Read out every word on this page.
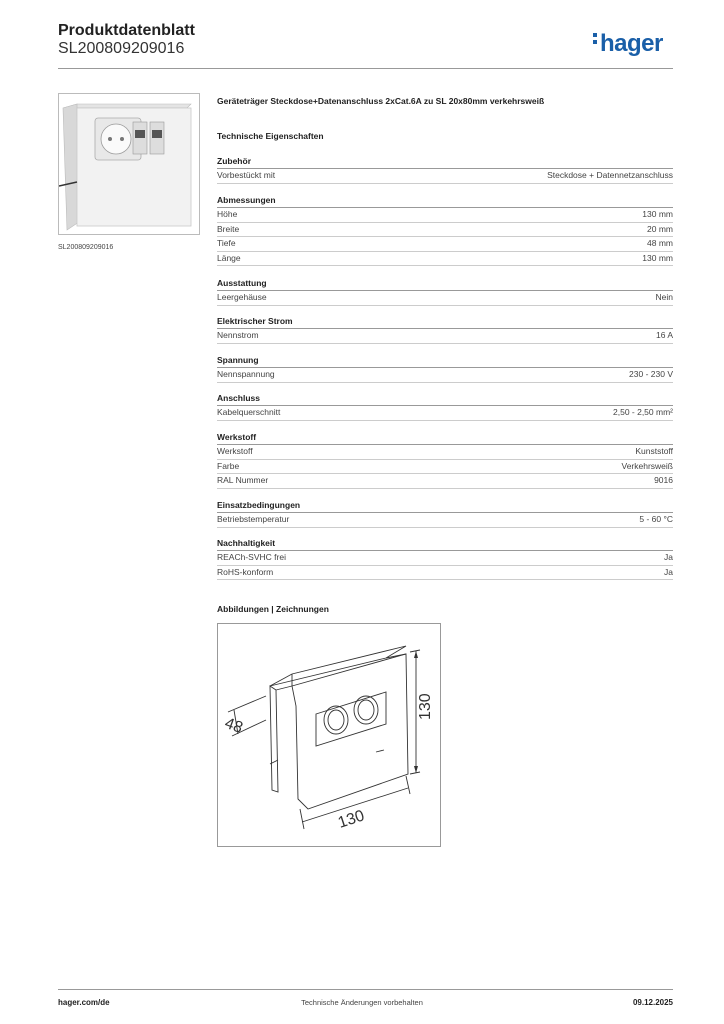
Produktdatenblatt
SL200809209016	hager
SL200809209016
Geräteträger Steckdose+Datenanschluss 2xCat.6A zu SL 20x80mm verkehrsweiß
Technische Eigenschaften
Zubehör
Vorbestückt mit	Steckdose + Datennetzanschluss
Abmessungen
Höhe	130 mm
Breite	20 mm
Tiefe	48 mm
Länge	130 mm
Ausstattung
Leergehäuse	Nein
Elektrischer Strom
Nennstrom	16 A
Spannung
Nennspannung	230 - 230 V
Anschluss
Kabelquerschnitt	2,50 - 2,50 mm²
Werkstoff
Werkstoff	Kunststoff
Farbe	Verkehrsweiß
RAL Nummer	9016
Einsatzbedingungen
Betriebstemperatur	5 - 60 °C
Nachhaltigkeit
REACh-SVHC frei	Ja
RoHS-konform	Ja
Abbildungen | Zeichnungen
48
130
130
hager.com/de	Technische Änderungen vorbehalten	09.12.2025
